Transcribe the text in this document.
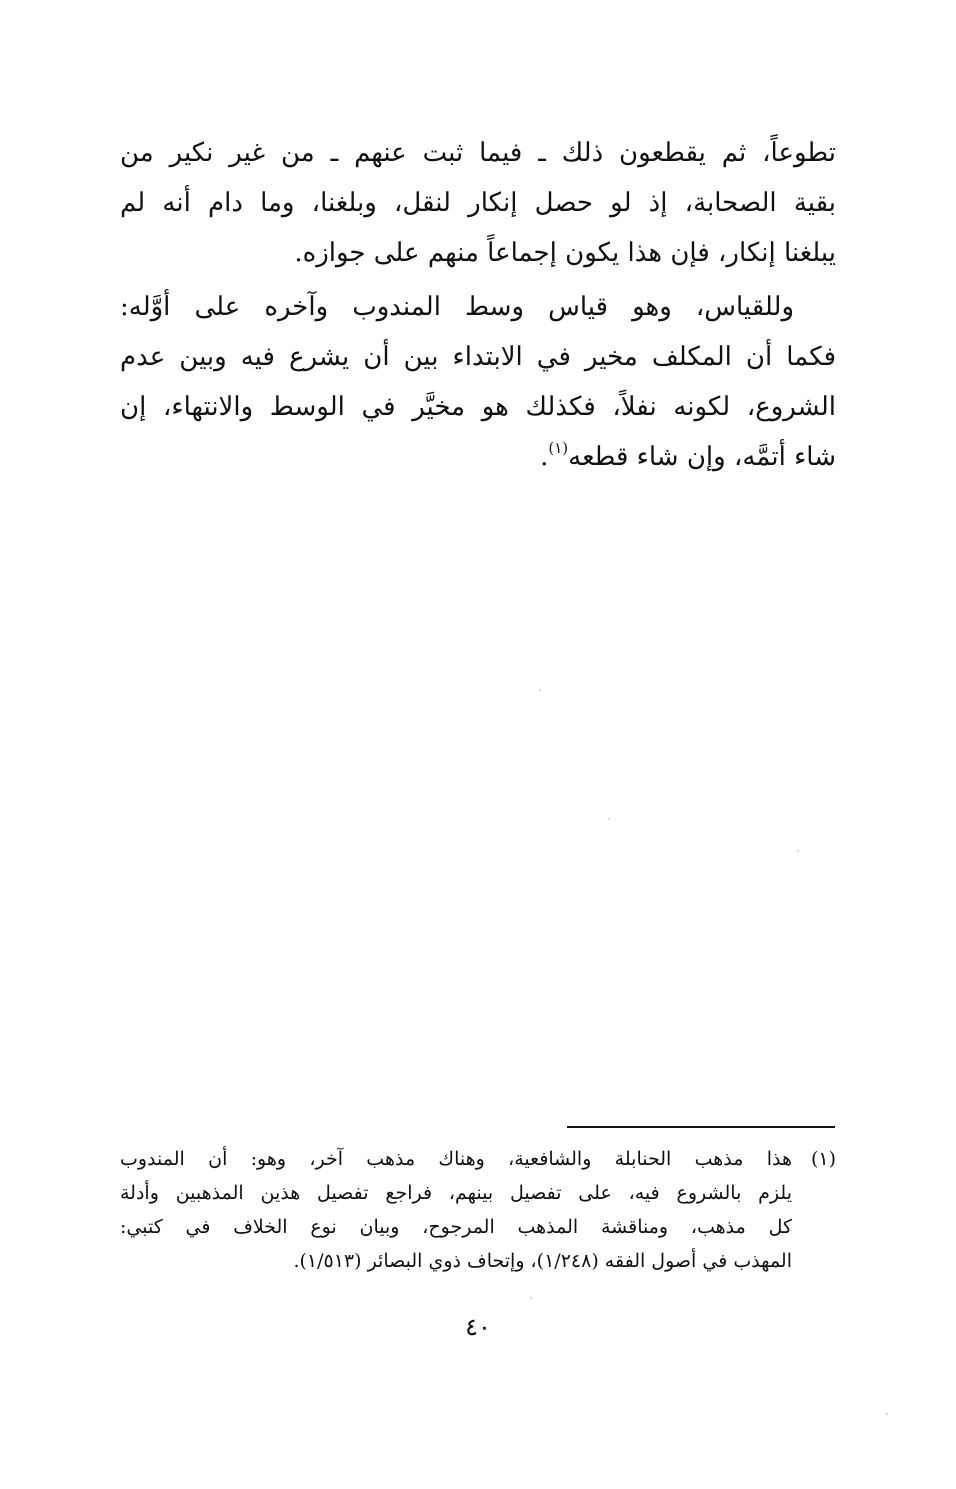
تطوعاً، ثم يقطعون ذلك ـ فيما ثبت عنهم ـ من غير نكير من
بقية الصحابة، إذ لو حصل إنكار لنقل، وبلغنا، وما دام أنه لم
يبلغنا إنكار، فإن هذا يكون إجماعاً منهم على جوازه.

وللقياس، وهو قياس وسط المندوب وآخره على أوَّله:
فكما أن المكلف مخير في الابتداء بين أن يشرع فيه وبين عدم
الشروع، لكونه نفلاً، فكذلك هو مخيَّر في الوسط والانتهاء، إن
شاء أتمَّه، وإن شاء قطعه$^{(١)}$.

(١)
هذا مذهب الحنابلة والشافعية، وهناك مذهب آخر، وهو: أن المندوب
يلزم بالشروع فيه، على تفصيل بينهم، فراجع تفصيل هذين المذهبين وأدلة
كل مذهب، ومناقشة المذهب المرجوح، وبيان نوع الخلاف في كتبي:
المهذب في أصول الفقه (١/٢٤٨)، وإتحاف ذوي البصائر (١/٥١٣).
٤٠
